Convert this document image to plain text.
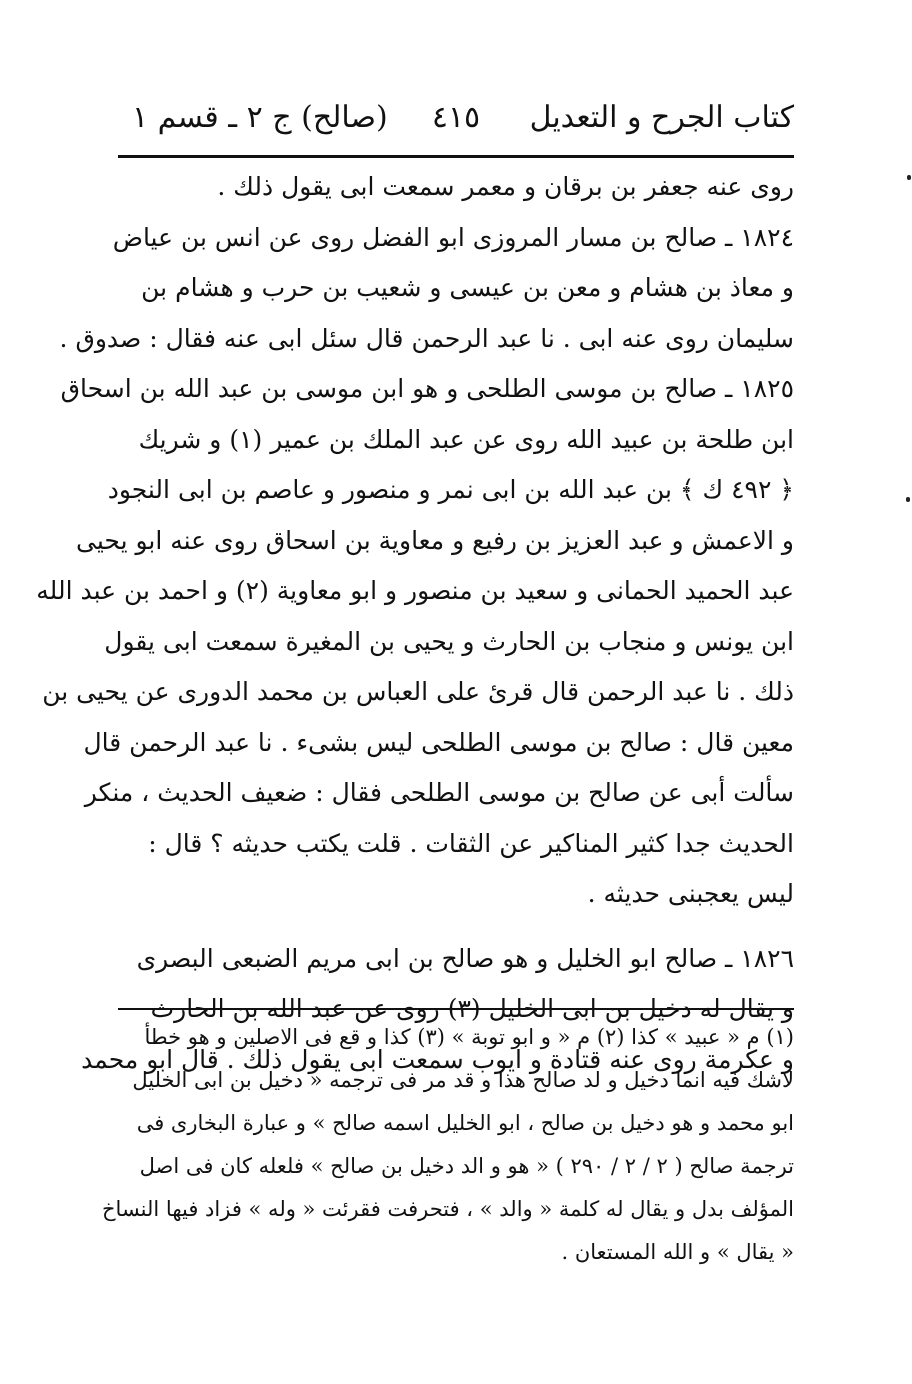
كتاب الجرح و التعديل
٤١٥
(صالح) ج ٢ ـ قسم ١
روى عنه جعفر بن برقان و معمر سمعت ابى يقول ذلك .
١٨٢٤ ـ صالح بن مسار المروزى ابو الفضل روى عن انس بن عياض
و معاذ بن هشام و معن بن عيسى و شعيب بن حرب و هشام بن
سليمان روى عنه ابى . نا عبد الرحمن قال سئل ابى عنه فقال : صدوق .
١٨٢٥ ـ صالح بن موسى الطلحى و هو ابن موسى بن عبد الله بن اسحاق
ابن طلحة بن عبيد الله روى عن عبد الملك بن عمير (١) و شريك
﴿ ٤٩٢ ك ﴾ بن عبد الله بن ابى نمر و منصور و عاصم بن ابى النجود
و الاعمش و عبد العزيز بن رفيع و معاوية بن اسحاق روى عنه ابو يحيى
عبد الحميد الحمانى و سعيد بن منصور و ابو معاوية (٢) و احمد بن عبد الله
ابن يونس و منجاب بن الحارث و يحيى بن المغيرة سمعت ابى يقول
ذلك . نا عبد الرحمن قال قرئ على العباس بن محمد الدورى عن يحيى بن
معين قال : صالح بن موسى الطلحى ليس بشىء . نا عبد الرحمن قال
سألت أبى عن صالح بن موسى الطلحى فقال : ضعيف الحديث ، منكر
الحديث جدا كثير المناكير عن الثقات . قلت يكتب حديثه ؟ قال :
ليس يعجبنى حديثه .
١٨٢٦ ـ صالح ابو الخليل و هو صالح بن ابى مريم الضبعى البصرى
و يقال له دخيل بن ابى الخليل (٣) روى عن عبد الله بن الحارث
و عكرمة روى عنه قتادة و ايوب سمعت ابى يقول ذلك . قال ابو محمد
(١) م « عبيد » كذا (٢) م « و ابو توبة » (٣) كذا و قع فى الاصلين و هو خطأ
لاشك فيه انما دخيل و لد صالح هذا و قد مر فى ترجمه « دخيل بن ابى الخليل
ابو محمد و هو دخيل بن صالح ، ابو الخليل اسمه صالح » و عبارة البخارى فى
ترجمة صالح ( ٢ / ٢ / ٢٩٠ ) « هو و الد دخيل بن صالح » فلعله كان فى اصل
المؤلف بدل و يقال له كلمة « والد » ، فتحرفت فقرئت « وله » فزاد فيها النساخ
« يقال » و الله المستعان .
